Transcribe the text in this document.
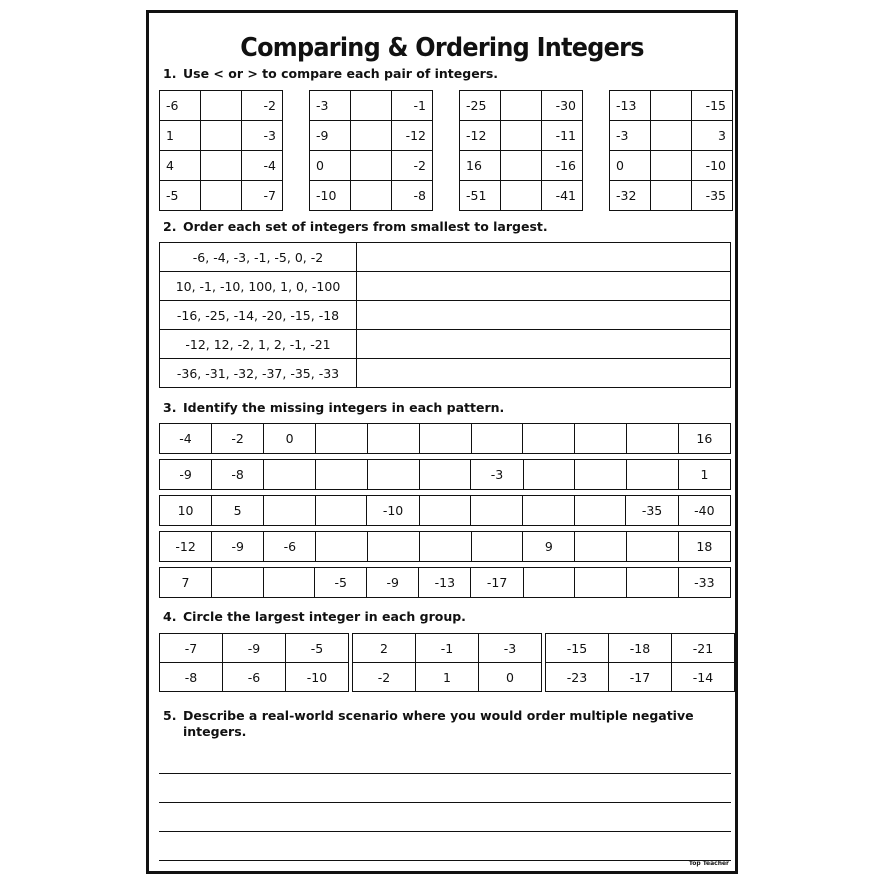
Comparing & Ordering Integers
1. Use < or > to compare each pair of integers.
-6		-2
1		-3
4		-4
-5		-7
-3		-1
-9		-12
0		-2
-10		-8
-25		-30
-12		-11
16		-16
-51		-41
-13		-15
-3		3
0		-10
-32		-35
2. Order each set of integers from smallest to largest.
-6, -4, -3, -1, -5, 0, -2	
10, -1, -10, 100, 1, 0, -100	
-16, -25, -14, -20, -15, -18	
-12, 12, -2, 1, 2, -1, -21	
-36, -31, -32, -37, -35, -33	
3. Identify the missing integers in each pattern.
-4	-2	0								16
-9	-8					-3				1
10	5			-10					-35	-40
-12	-9	-6					9			18
7			-5	-9	-13	-17				-33
4. Circle the largest integer in each group.
-7	-9	-5
-8	-6	-10
2	-1	-3
-2	1	0
-15	-18	-21
-23	-17	-14
5. Describe a real-world scenario where you would order multiple negative
integers.
Top Teacher
